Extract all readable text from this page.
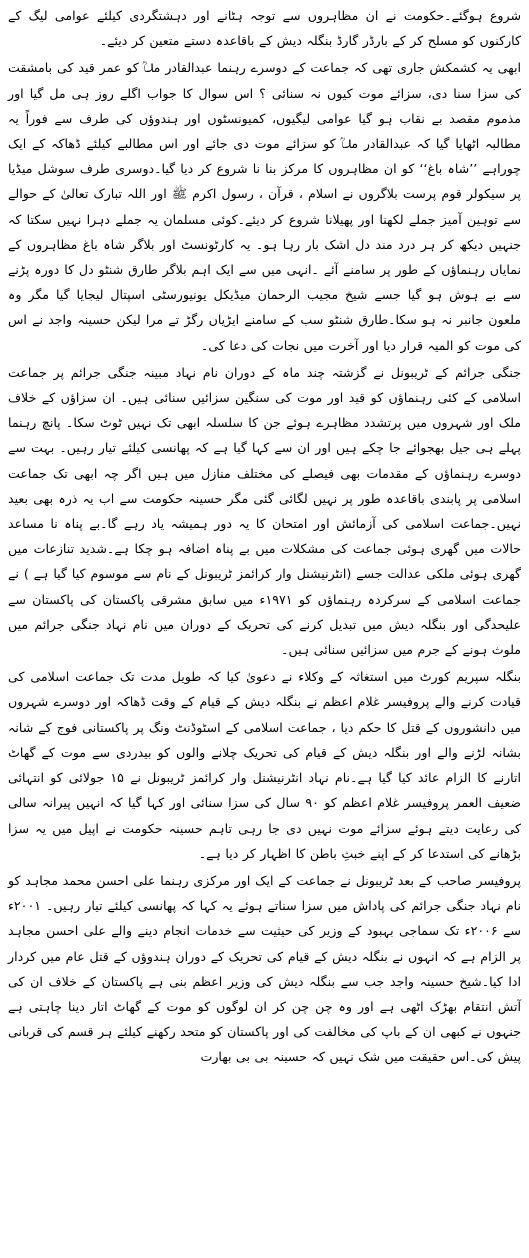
شروع ہوگئے۔حکومت نے ان مظاہروں سے توجہ ہٹانے اور دہشتگردی کیلئے عوامی لیگ کے کارکنوں کو مسلح کر کے بارڈر گارڈ بنگلہ دیش کے باقاعدہ دستے متعین کر دیئے۔

ابھی یہ کشمکش جاری تھی کہ جماعت کے دوسرے رہنما عبدالقادر ملاؒ کو عمر قید کی بامشقت کی سزا سنا دی، سزائے موت کیوں نہ سنائی ؟ اس سوال کا جواب اگلے روز ہی مل گیا اور مذموم مقصد بے نقاب ہو گیا عوامی لیگیوں، کمیونسٹوں اور ہندوؤں کی طرف سے فوراً یہ مطالبہ اٹھایا گیا کہ عبدالقادر ملاؒ کو سزائے موت دی جائے اور اس مطالبے کیلئے ڈھاکہ کے ایک چوراہے ’’شاہ باغ‘‘ کو ان مظاہروں کا مرکز بنا نا شروع کر دیا گیا۔دوسری طرف سوشل میڈیا پر سیکولر قوم پرست بلاگروں نے اسلام ، قرآن ، رسول اکرم ﷺ اور اللہ تبارک تعالیٰ کے حوالے سے توہین آمیز جملے لکھنا اور پھیلانا شروع کر دیئے۔کوئی مسلمان یہ جملے دہرا نہیں سکتا کہ جنہیں دیکھ کر ہر درد مند دل اشک بار رہا ہو۔ یہ کارٹونسٹ اور بلاگر شاہ باغ مظاہروں کے نمایاں رہنماؤں کے طور پر سامنے آئے ۔انہی میں سے ایک اہم بلاگر طارق شنٹو دل کا دورہ پڑنے سے بے ہوش ہو گیا جسے شیخ مجیب الرحمان میڈیکل یونیورسٹی اسپتال لیجایا گیا مگر وہ ملعون جانبر نہ ہو سکا۔طارق شنٹو سب کے سامنے ایڑیاں رگڑ تے مرا لیکن حسینہ واجد نے اس کی موت کو المیہ قرار دیا اور آخرت میں نجات کی دعا کی۔

جنگی جرائم کے ٹریبونل نے گزشتہ چند ماہ کے دوران نام نہاد مبینہ جنگی جرائم پر جماعت اسلامی کے کئی رہنماؤں کو قید اور موت کی سنگین سزائیں سنائی ہیں۔ ان سزاؤں کے خلاف ملک اور شہروں میں پرتشدد مظاہرے ہوئے جن کا سلسلہ ابھی تک نہیں ٹوٹ سکا۔ پانچ رہنما پہلے ہی جیل بھجوائے جا چکے ہیں اور ان سے کہا گیا ہے کہ پھانسی کیلئے تیار رہیں۔ بہت سے دوسرے رہنماؤں کے مقدمات بھی فیصلے کی مختلف منازل میں ہیں اگر چہ ابھی تک جماعت اسلامی پر پابندی باقاعدہ طور پر نہیں لگائی گئی مگر حسینہ حکومت سے اب یہ ذرہ بھی بعید نہیں۔جماعت اسلامی کی آزمائش اور امتحان کا یہ دور ہمیشہ یاد رہے گا۔بے پناہ نا مساعد حالات میں گھری ہوئی جماعت کی مشکلات میں بے پناہ اضافہ ہو چکا ہے۔شدید تنازعات میں گھری ہوئی ملکی عدالت جسے (انٹرنیشنل وار کرائمز ٹریبونل کے نام سے موسوم کیا گیا ہے ) نے جماعت اسلامی کے سرکردہ رہنماؤں کو ۱۹۷۱ء میں سابق مشرقی پاکستان کی پاکستان سے علیحدگی اور بنگلہ دیش میں تبدیل کرنے کی تحریک کے دوران میں نام نہاد جنگی جرائم میں ملوث ہونے کے جرم میں سزائیں سنائی ہیں۔

بنگلہ سپریم کورٹ میں استغاثہ کے وکلاء نے دعویٰ کیا کہ طویل مدت تک جماعت اسلامی کی قیادت کرنے والے پروفیسر غلام اعظم نے بنگلہ دیش کے قیام کے وقت ڈھاکہ اور دوسرے شہروں میں دانشوروں کے قتل کا حکم دیا ، جماعت اسلامی کے اسٹوڈنٹ ونگ پر پاکستانی فوج کے شانہ بشانہ لڑنے والے اور بنگلہ دیش کے قیام کی تحریک چلانے والوں کو بیدردی سے موت کے گھاٹ اتارنے کا الزام عائد کیا گیا ہے۔نام نہاد انٹرنیشنل وار کرائمز ٹریبونل نے ۱۵ جولائی کو انتہائی ضعیف العمر پروفیسر غلام اعظم کو ۹۰ سال کی سزا سنائی اور کہا گیا کہ انہیں پیرانہ سالی کی رعایت دیتے ہوئے سزائے موت نہیں دی جا رہی تاہم حسینہ حکومت نے اپیل میں یہ سزا بڑھانے کی استدعا کر کے اپنے خبثِ باطن کا اظہار کر دیا ہے۔

پروفیسر صاحب کے بعد ٹریبونل نے جماعت کے ایک اور مرکزی رہنما علی احسن محمد مجاہد کو نام نہاد جنگی جرائم کی پاداش میں سزا سناتے ہوئے یہ کہا کہ پھانسی کیلئے تیار رہیں۔ ۲۰۰۱ء سے ۲۰۰۶ء تک سماجی بہبود کے وزیر کی حیثیت سے خدمات انجام دینے والے علی احسن مجاہد پر الزام ہے کہ انہوں نے بنگلہ دیش کے قیام کی تحریک کے دوران ہندوؤں کے قتل عام میں کردار ادا کیا۔شیخ حسینہ واجد جب سے بنگلہ دیش کی وزیر اعظم بنی ہے پاکستان کے خلاف ان کی آتش انتقام بھڑک اٹھی ہے اور وہ چن چن کر ان لوگوں کو موت کے گھاٹ اتار دینا چاہتی ہے جنہوں نے کبھی ان کے باپ کی مخالفت کی اور پاکستان کو متحد رکھنے کیلئے ہر قسم کی قربانی پیش کی۔اس حقیقت میں شک نہیں کہ حسینہ بی بی بھارت
